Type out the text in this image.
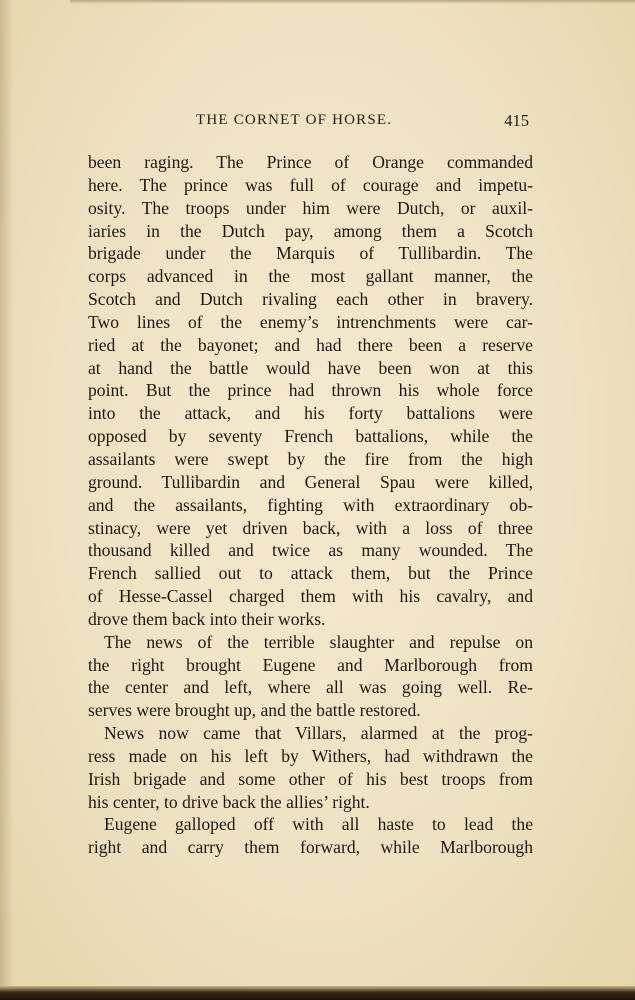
THE CORNET OF HORSE.	415
been raging. The Prince of Orange commanded
here. The prince was full of courage and impetu-
osity. The troops under him were Dutch, or auxil-
iaries in the Dutch pay, among them a Scotch
brigade under the Marquis of Tullibardin. The
corps advanced in the most gallant manner, the
Scotch and Dutch rivaling each other in bravery.
Two lines of the enemy’s intrenchments were car-
ried at the bayonet; and had there been a reserve
at hand the battle would have been won at this
point. But the prince had thrown his whole force
into the attack, and his forty battalions were
opposed by seventy French battalions, while the
assailants were swept by the fire from the high
ground. Tullibardin and General Spau were killed,
and the assailants, fighting with extraordinary ob-
stinacy, were yet driven back, with a loss of three
thousand killed and twice as many wounded. The
French sallied out to attack them, but the Prince
of Hesse-Cassel charged them with his cavalry, and
drove them back into their works.
The news of the terrible slaughter and repulse on
the right brought Eugene and Marlborough from
the center and left, where all was going well. Re-
serves were brought up, and the battle restored.
News now came that Villars, alarmed at the prog-
ress made on his left by Withers, had withdrawn the
Irish brigade and some other of his best troops from
his center, to drive back the allies’ right.
Eugene galloped off with all haste to lead the
right and carry them forward, while Marlborough
